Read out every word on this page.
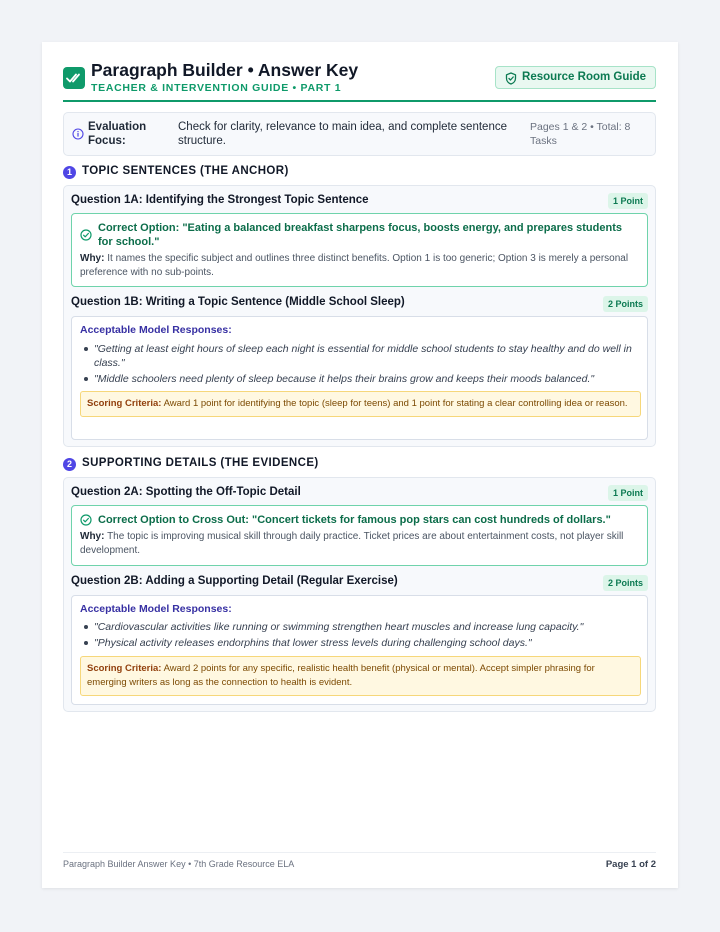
Paragraph Builder • Answer Key
TEACHER & INTERVENTION GUIDE • PART 1
Resource Room Guide
Evaluation Focus:
Check for clarity, relevance to main idea, and complete sentence structure.
Pages 1 & 2 • Total: 8 Tasks
1 TOPIC SENTENCES (THE ANCHOR)
Question 1A: Identifying the Strongest Topic Sentence	1 Point
Correct Option: "Eating a balanced breakfast sharpens focus, boosts energy, and prepares students for school."
Why: It names the specific subject and outlines three distinct benefits. Option 1 is too generic; Option 3 is merely a personal preference with no sub-points.
Question 1B: Writing a Topic Sentence (Middle School Sleep)	2 Points
Acceptable Model Responses:
"Getting at least eight hours of sleep each night is essential for middle school students to stay healthy and do well in class."
"Middle schoolers need plenty of sleep because it helps their brains grow and keeps their moods balanced."
Scoring Criteria: Award 1 point for identifying the topic (sleep for teens) and 1 point for stating a clear controlling idea or reason.
2 SUPPORTING DETAILS (THE EVIDENCE)
Question 2A: Spotting the Off-Topic Detail	1 Point
Correct Option to Cross Out: "Concert tickets for famous pop stars can cost hundreds of dollars."
Why: The topic is improving musical skill through daily practice. Ticket prices are about entertainment costs, not player skill development.
Question 2B: Adding a Supporting Detail (Regular Exercise)	2 Points
Acceptable Model Responses:
"Cardiovascular activities like running or swimming strengthen heart muscles and increase lung capacity."
"Physical activity releases endorphins that lower stress levels during challenging school days."
Scoring Criteria: Award 2 points for any specific, realistic health benefit (physical or mental). Accept simpler phrasing for emerging writers as long as the connection to health is evident.
Paragraph Builder Answer Key • 7th Grade Resource ELA	Page 1 of 2
